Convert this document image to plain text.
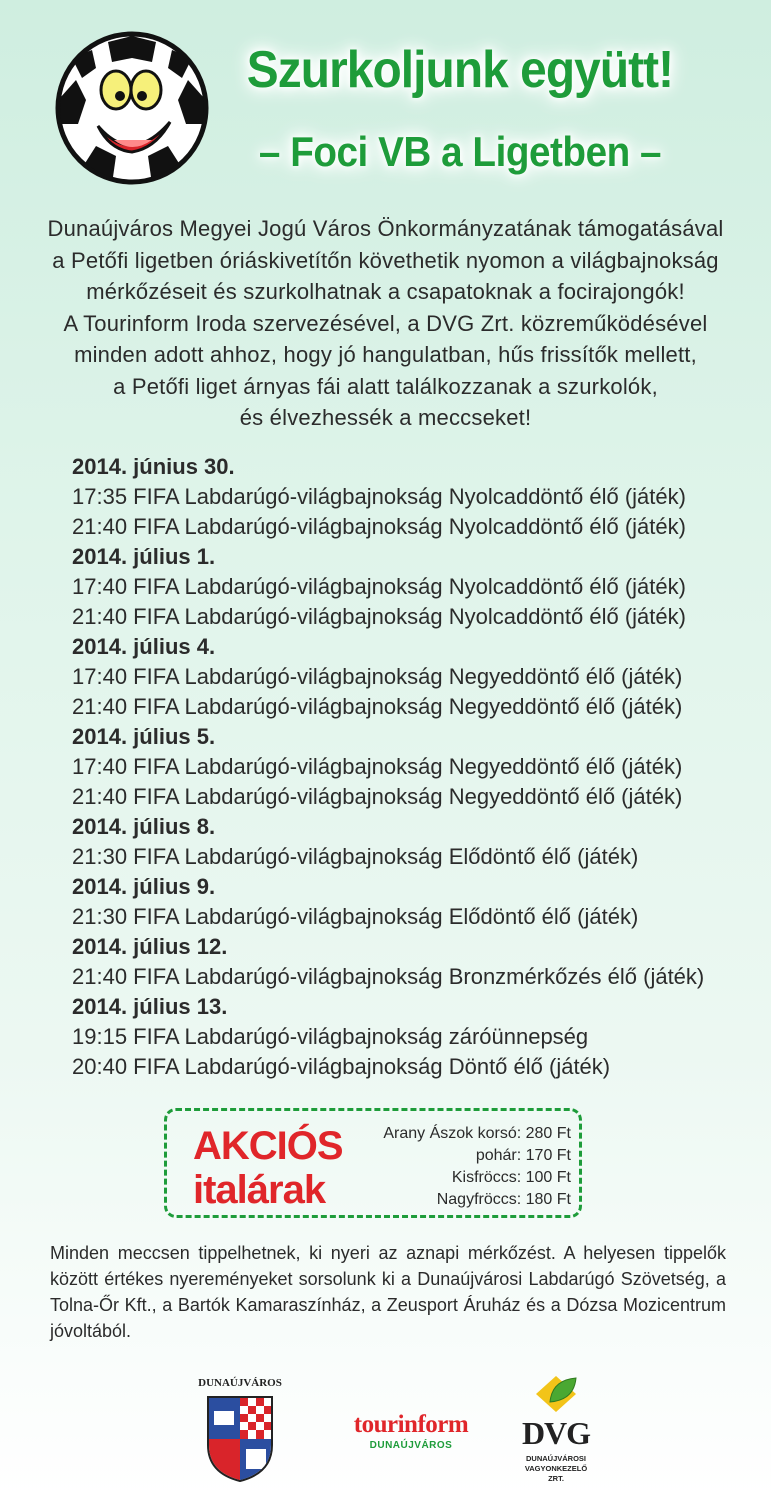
Szurkoljunk együtt!
– Foci VB a Ligetben –
Dunaújváros Megyei Jogú Város Önkormányzatának támogatásával
a Petőfi ligetben óriáskivetítőn követhetik nyomon a világbajnokság
mérkőzéseit és szurkolhatnak a csapatoknak a focirajongók!
A Tourinform Iroda szervezésével, a DVG Zrt. közreműködésével
minden adott ahhoz, hogy jó hangulatban, hűs frissítők mellett,
a Petőfi liget árnyas fái alatt találkozzanak a szurkolók,
és élvezhessék a meccseket!
2014. június 30.
17:35 FIFA Labdarúgó-világbajnokság Nyolcaddöntő élő (játék)
21:40 FIFA Labdarúgó-világbajnokság Nyolcaddöntő élő (játék)
2014. július 1.
17:40 FIFA Labdarúgó-világbajnokság Nyolcaddöntő élő (játék)
21:40 FIFA Labdarúgó-világbajnokság Nyolcaddöntő élő (játék)
2014. július 4.
17:40 FIFA Labdarúgó-világbajnokság Negyeddöntő élő (játék)
21:40 FIFA Labdarúgó-világbajnokság Negyeddöntő élő (játék)
2014. július 5.
17:40 FIFA Labdarúgó-világbajnokság Negyeddöntő élő (játék)
21:40 FIFA Labdarúgó-világbajnokság Negyeddöntő élő (játék)
2014. július 8.
21:30 FIFA Labdarúgó-világbajnokság Elődöntő élő (játék)
2014. július 9.
21:30 FIFA Labdarúgó-világbajnokság Elődöntő élő (játék)
2014. július 12.
21:40 FIFA Labdarúgó-világbajnokság Bronzmérkőzés élő (játék)
2014. július 13.
19:15 FIFA Labdarúgó-világbajnokság záróünnepség
20:40 FIFA Labdarúgó-világbajnokság Döntő élő (játék)
AKCIÓS
italárak
Arany Ászok korsó: 280 Ft
pohár: 170 Ft
Kisfröccs: 100 Ft
Nagyfröccs: 180 Ft
Minden meccsen tippelhetnek, ki nyeri az aznapi mérkőzést. A helyesen tippelők között értékes nyereményeket sorsolunk ki a Dunaújvárosi Labdarúgó Szövetség, a Tolna-Őr Kft., a Bartók Kamaraszínház, a Zeusport Áruház és a Dózsa Mozicentrum jóvoltából.
DUNAÚJVÁROS
tourinform
DUNAÚJVÁROS	DVG
DUNAÚJVÁROSI
VAGYONKEZELŐ
ZRT.
